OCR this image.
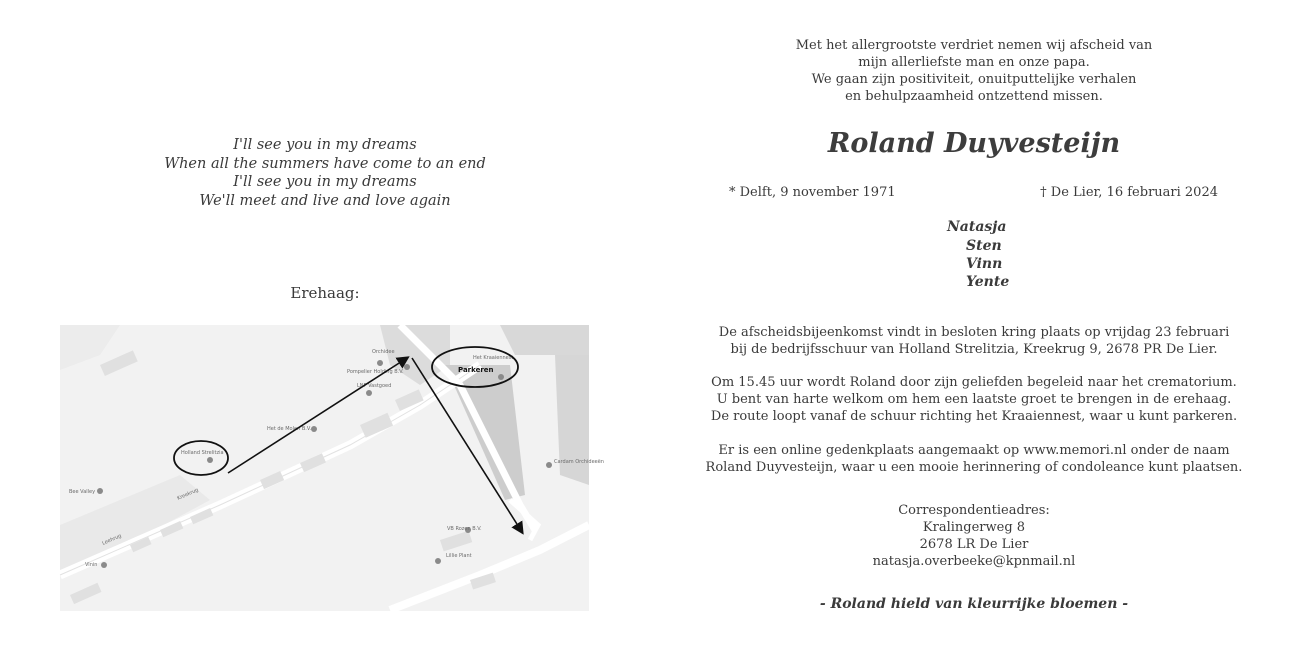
I'll see you in my dreams
When all the summers have come to an end
I'll see you in my dreams
We'll meet and live and love again
Erehaag:
Holland Strelitzia
Orchidee
Pompelier Holding B.V.
LNP Vastgoed
Het de Molen B.V.
Bee Valley
Het Kraaiennest
Kreekrug
Leehrug
VB Rozen B.V.
Lillie Plant
Vinin
Cardam Orchideeën
Parkeren
Met het allergrootste verdriet nemen wij afscheid van
mijn allerliefste man en onze papa.
We gaan zijn positiviteit, onuitputtelijke verhalen
en behulpzaamheid ontzettend missen.
Roland Duyvesteijn
* Delft, 9 november 1971	† De Lier, 16 februari 2024
Natasja
Sten
Vinn
Yente
De afscheidsbijeenkomst vindt in besloten kring plaats op vrijdag 23 februari
bij de bedrijfsschuur van Holland Strelitzia, Kreekrug 9, 2678 PR De Lier.
Om 15.45 uur wordt Roland door zijn geliefden begeleid naar het crematorium.
U bent van harte welkom om hem een laatste groet te brengen in de erehaag.
De route loopt vanaf de schuur richting het Kraaiennest, waar u kunt parkeren.
Er is een online gedenkplaats aangemaakt op www.memori.nl onder de naam
Roland Duyvesteijn, waar u een mooie herinnering of condoleance kunt plaatsen.
Correspondentieadres:
Kralingerweg 8
2678 LR De Lier
natasja.overbeeke@kpnmail.nl
- Roland hield van kleurrijke bloemen -
